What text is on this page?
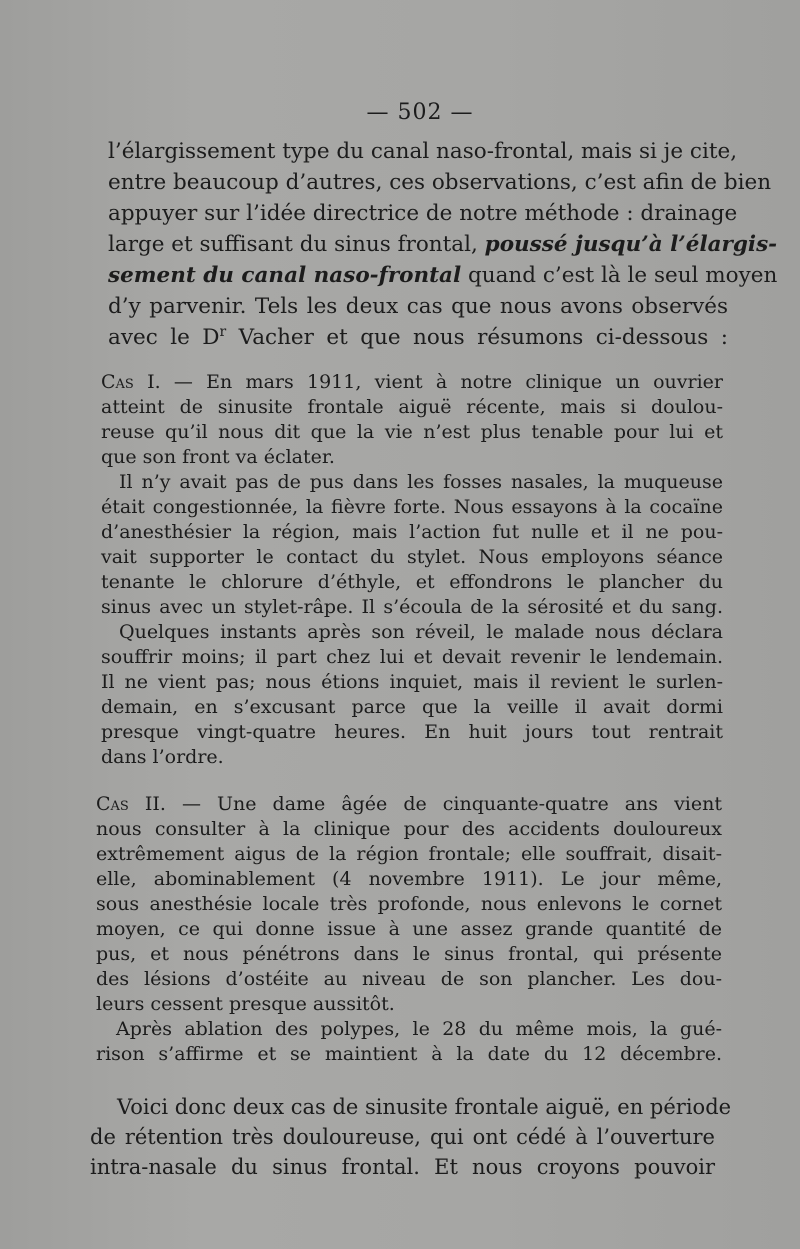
— 502 —
l’élargissement type du canal naso-frontal, mais si je cite,
entre beaucoup d’autres, ces observations, c’est afin de bien
appuyer sur l’idée directrice de notre méthode : drainage
large et suffisant du sinus frontal, poussé jusqu’à l’élargis-
sement du canal naso-frontal quand c’est là le seul moyen
d’y parvenir. Tels les deux cas que nous avons observés
avec le $D^r$ Vacher et que nous résumons ci-dessous :
Cas I. — En mars 1911, vient à notre clinique un ouvrier
atteint de sinusite frontale aiguë récente, mais si doulou-
reuse qu’il nous dit que la vie n’est plus tenable pour lui et
que son front va éclater.
Il n’y avait pas de pus dans les fosses nasales, la muqueuse
était congestionnée, la fièvre forte. Nous essayons à la cocaïne
d’anesthésier la région, mais l’action fut nulle et il ne pou-
vait supporter le contact du stylet. Nous employons séance
tenante le chlorure d’éthyle, et effondrons le plancher du
sinus avec un stylet-râpe. Il s’écoula de la sérosité et du sang.
Quelques instants après son réveil, le malade nous déclara
souffrir moins; il part chez lui et devait revenir le lendemain.
Il ne vient pas; nous étions inquiet, mais il revient le surlen-
demain, en s’excusant parce que la veille il avait dormi
presque vingt-quatre heures. En huit jours tout rentrait
dans l’ordre.
Cas II. — Une dame âgée de cinquante-quatre ans vient
nous consulter à la clinique pour des accidents douloureux
extrêmement aigus de la région frontale; elle souffrait, disait-
elle, abominablement (4 novembre 1911). Le jour même,
sous anesthésie locale très profonde, nous enlevons le cornet
moyen, ce qui donne issue à une assez grande quantité de
pus, et nous pénétrons dans le sinus frontal, qui présente
des lésions d’ostéite au niveau de son plancher. Les dou-
leurs cessent presque aussitôt.
Après ablation des polypes, le 28 du même mois, la gué-
rison s’affirme et se maintient à la date du 12 décembre.
Voici donc deux cas de sinusite frontale aiguë, en période
de rétention très douloureuse, qui ont cédé à l’ouverture
intra-nasale du sinus frontal. Et nous croyons pouvoir
